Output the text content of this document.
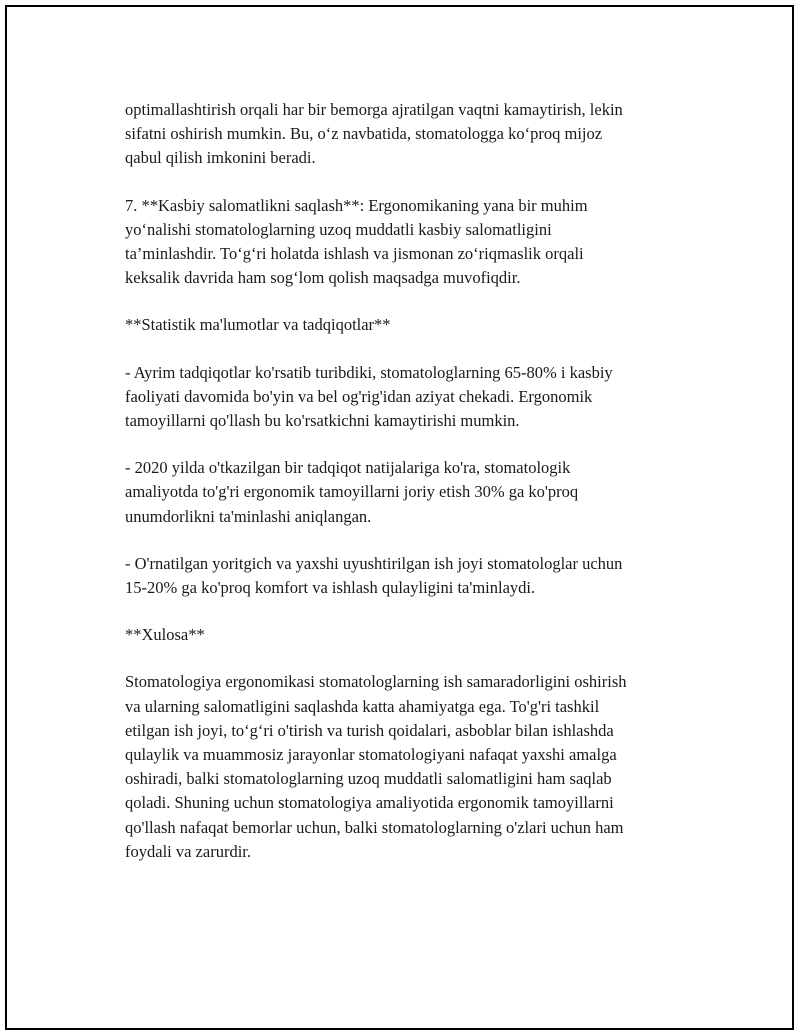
optimallashtirish orqali har bir bemorga ajratilgan vaqtni kamaytirish, lekin
sifatni oshirish mumkin. Bu, o‘z navbatida, stomatologga ko‘proq mijoz
qabul qilish imkonini beradi.

7. **Kasbiy salomatlikni saqlash**: Ergonomikaning yana bir muhim
yo‘nalishi stomatologlarning uzoq muddatli kasbiy salomatligini
ta’minlashdir. To‘g‘ri holatda ishlash va jismonan zo‘riqmaslik orqali
keksalik davrida ham sog‘lom qolish maqsadga muvofiqdir.

**Statistik ma'lumotlar va tadqiqotlar**

- Ayrim tadqiqotlar ko'rsatib turibdiki, stomatologlarning 65-80% i kasbiy
faoliyati davomida bo'yin va bel og'rig'idan aziyat chekadi. Ergonomik
tamoyillarni qo'llash bu ko'rsatkichni kamaytirishi mumkin.

- 2020 yilda o'tkazilgan bir tadqiqot natijalariga ko'ra, stomatologik
amaliyotda to'g'ri ergonomik tamoyillarni joriy etish 30% ga ko'proq
unumdorlikni ta'minlashi aniqlangan.

- O'rnatilgan yoritgich va yaxshi uyushtirilgan ish joyi stomatologlar uchun
15-20% ga ko'proq komfort va ishlash qulayligini ta'minlaydi.

**Xulosa**

Stomatologiya ergonomikasi stomatologlarning ish samaradorligini oshirish
va ularning salomatligini saqlashda katta ahamiyatga ega. To'g'ri tashkil
etilgan ish joyi, to‘g‘ri o'tirish va turish qoidalari, asboblar bilan ishlashda
qulaylik va muammosiz jarayonlar stomatologiyani nafaqat yaxshi amalga
oshiradi, balki stomatologlarning uzoq muddatli salomatligini ham saqlab
qoladi. Shuning uchun stomatologiya amaliyotida ergonomik tamoyillarni
qo'llash nafaqat bemorlar uchun, balki stomatologlarning o'zlari uchun ham
foydali va zarurdir.
